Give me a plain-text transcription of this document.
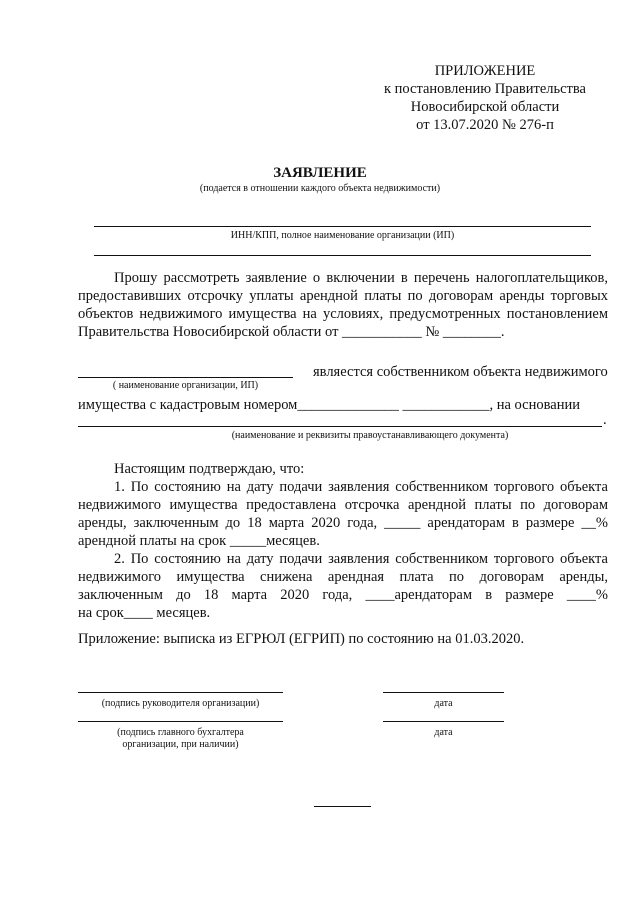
ПРИЛОЖЕНИЕ
к постановлению Правительства
Новосибирской области
от 13.07.2020 № 276-п
ЗАЯВЛЕНИЕ
(подается в отношении каждого объекта недвижимости)
ИНН/КПП, полное наименование организации (ИП)
Прошу рассмотреть заявление о включении в перечень налогоплательщиков,
предоставивших отсрочку уплаты арендной платы по договорам аренды торговых
объектов недвижимого имущества на условиях, предусмотренных постановлением
Правительства Новосибирской области от ___________ № ________.
являестся собственником объекта недвижимого
( наименование организации, ИП)
имущества с кадастровым номером______________ ____________, на основании
.
(наименование и реквизиты правоустанавливающего документа)
Настоящим подтверждаю, что:
1. По состоянию на дату подачи заявления собственником торгового объекта
недвижимого имущества предоставлена отсрочка арендной платы по договорам
аренды, заключенным до 18 марта 2020 года, _____ арендаторам в размере __%
арендной платы на срок _____месяцев.
2. По состоянию на дату подачи заявления собственником торгового объекта
недвижимого имущества снижена арендная плата по договорам аренды,
заключенным до 18 марта 2020 года, ____арендаторам в размере ____%
на срок____ месяцев.
Приложение: выписка из ЕГРЮЛ (ЕГРИП) по состоянию на 01.03.2020.
(подпись руководителя организации)	дата
(подпись главного бухгалтера
организации, при наличии)
дата
